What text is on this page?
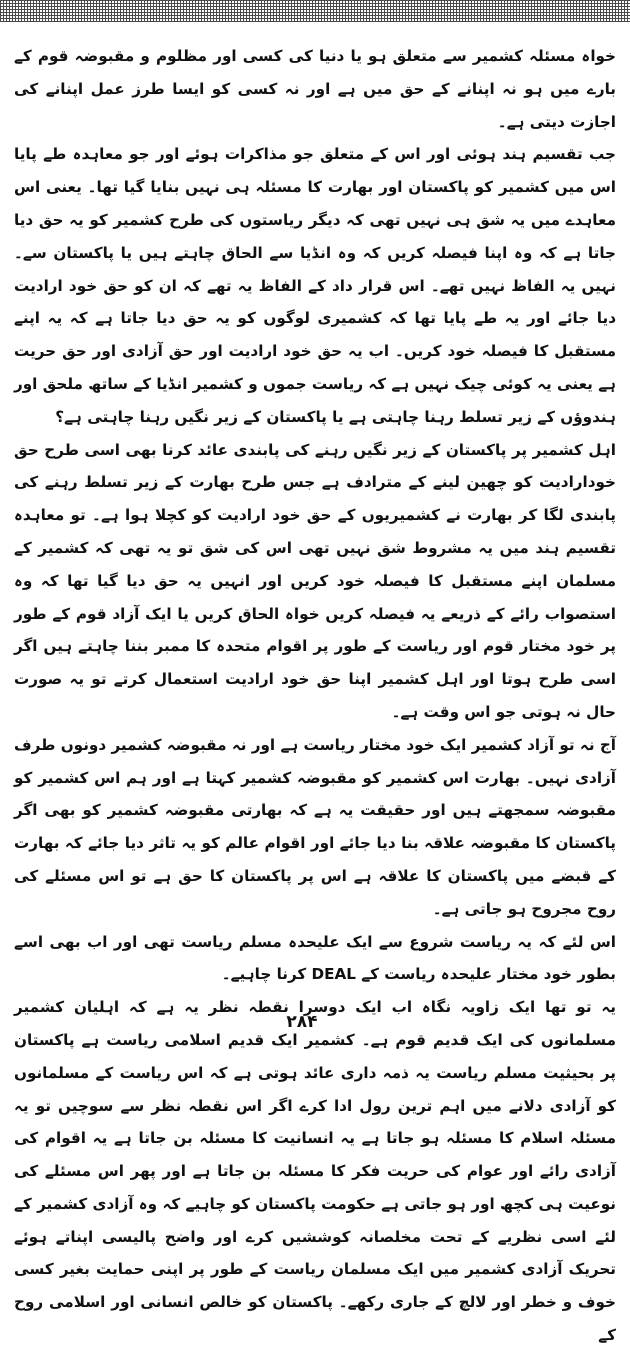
خواہ مسئلہ کشمیر سے متعلق ہو یا دنیا کی کسی اور مظلوم و مقبوضہ قوم کے بارے میں ہو نہ اپنانے کے حق میں ہے اور نہ کسی کو ایسا طرز عمل اپنانے کی اجازت دیتی ہے۔

جب تقسیم ہند ہوئی اور اس کے متعلق جو مذاکرات ہوئے اور جو معاہدہ طے پایا اس میں کشمیر کو پاکستان اور بھارت کا مسئلہ ہی نہیں بنایا گیا تھا۔ یعنی اس معاہدے میں یہ شق ہی نہیں تھی کہ دیگر ریاستوں کی طرح کشمیر کو یہ حق دیا جاتا ہے کہ وہ اپنا فیصلہ کریں کہ وہ انڈیا سے الحاق چاہتے ہیں یا پاکستان سے۔ نہیں یہ الفاظ نہیں تھے۔ اس قرار داد کے الفاظ یہ تھے کہ ان کو حق خود ارادیت دیا جائے اور یہ طے پایا تھا کہ کشمیری لوگوں کو یہ حق دیا جاتا ہے کہ یہ اپنے مستقبل کا فیصلہ خود کریں۔ اب یہ حق خود ارادیت اور حق آزادی اور حق حریت ہے یعنی یہ کوئی چیک نہیں ہے کہ ریاست جموں و کشمیر انڈیا کے ساتھ ملحق اور ہندوؤں کے زیر تسلط رہنا چاہتی ہے یا پاکستان کے زیر نگیں رہنا چاہتی ہے؟

اہل کشمیر پر پاکستان کے زیر نگیں رہنے کی پابندی عائد کرنا بھی اسی طرح حق خودارادیت کو چھین لینے کے مترادف ہے جس طرح بھارت کے زیر تسلط رہنے کی پابندی لگا کر بھارت نے کشمیریوں کے حق خود ارادیت کو کچلا ہوا ہے۔ تو معاہدہ تقسیم ہند میں یہ مشروط شق نہیں تھی اس کی شق تو یہ تھی کہ کشمیر کے مسلمان اپنے مستقبل کا فیصلہ خود کریں اور انہیں یہ حق دیا گیا تھا کہ وہ استصواب رائے کے ذریعے یہ فیصلہ کریں خواہ الحاق کریں یا ایک آزاد قوم کے طور پر خود مختار قوم اور ریاست کے طور پر اقوام متحدہ کا ممبر بننا چاہتے ہیں اگر اسی طرح ہوتا اور اہل کشمیر اپنا حق خود ارادیت استعمال کرتے تو یہ صورت حال نہ ہوتی جو اس وقت ہے۔

آج نہ تو آزاد کشمیر ایک خود مختار ریاست ہے اور نہ مقبوضہ کشمیر دونوں طرف آزادی نہیں۔ بھارت اس کشمیر کو مقبوضہ کشمیر کہتا ہے اور ہم اس کشمیر کو مقبوضہ سمجھتے ہیں اور حقیقت یہ ہے کہ بھارتی مقبوضہ کشمیر کو بھی اگر پاکستان کا مقبوضہ علاقہ بنا دیا جائے اور اقوام عالم کو یہ تاثر دیا جائے کہ بھارت کے قبضے میں پاکستان کا علاقہ ہے اس پر پاکستان کا حق ہے تو اس مسئلے کی روح مجروح ہو جاتی ہے۔

اس لئے کہ یہ ریاست شروع سے ایک علیحدہ مسلم ریاست تھی اور اب بھی اسے بطور خود مختار علیحدہ ریاست کے DEAL کرنا چاہیے۔

یہ تو تھا ایک زاویہ نگاہ اب ایک دوسرا نقطہ نظر یہ ہے کہ اہلیان کشمیر مسلمانوں کی ایک قدیم قوم ہے۔ کشمیر ایک قدیم اسلامی ریاست ہے پاکستان پر بحیثیت مسلم ریاست یہ ذمہ داری عائد ہوتی ہے کہ اس ریاست کے مسلمانوں کو آزادی دلانے میں اہم ترین رول ادا کرے اگر اس نقطہ نظر سے سوچیں تو یہ مسئلہ اسلام کا مسئلہ ہو جاتا ہے یہ انسانیت کا مسئلہ بن جاتا ہے یہ اقوام کی آزادی رائے اور عوام کی حریت فکر کا مسئلہ بن جاتا ہے اور پھر اس مسئلے کی نوعیت ہی کچھ اور ہو جاتی ہے حکومت پاکستان کو چاہیے کہ وہ آزادی کشمیر کے لئے اسی نظریے کے تحت مخلصانہ کوششیں کرے اور واضح پالیسی اپناتے ہوئے تحریک آزادی کشمیر میں ایک مسلمان ریاست کے طور پر اپنی حمایت بغیر کسی خوف و خطر اور لالچ کے جاری رکھے۔ پاکستان کو خالص انسانی اور اسلامی روح کے

۲۸۴
